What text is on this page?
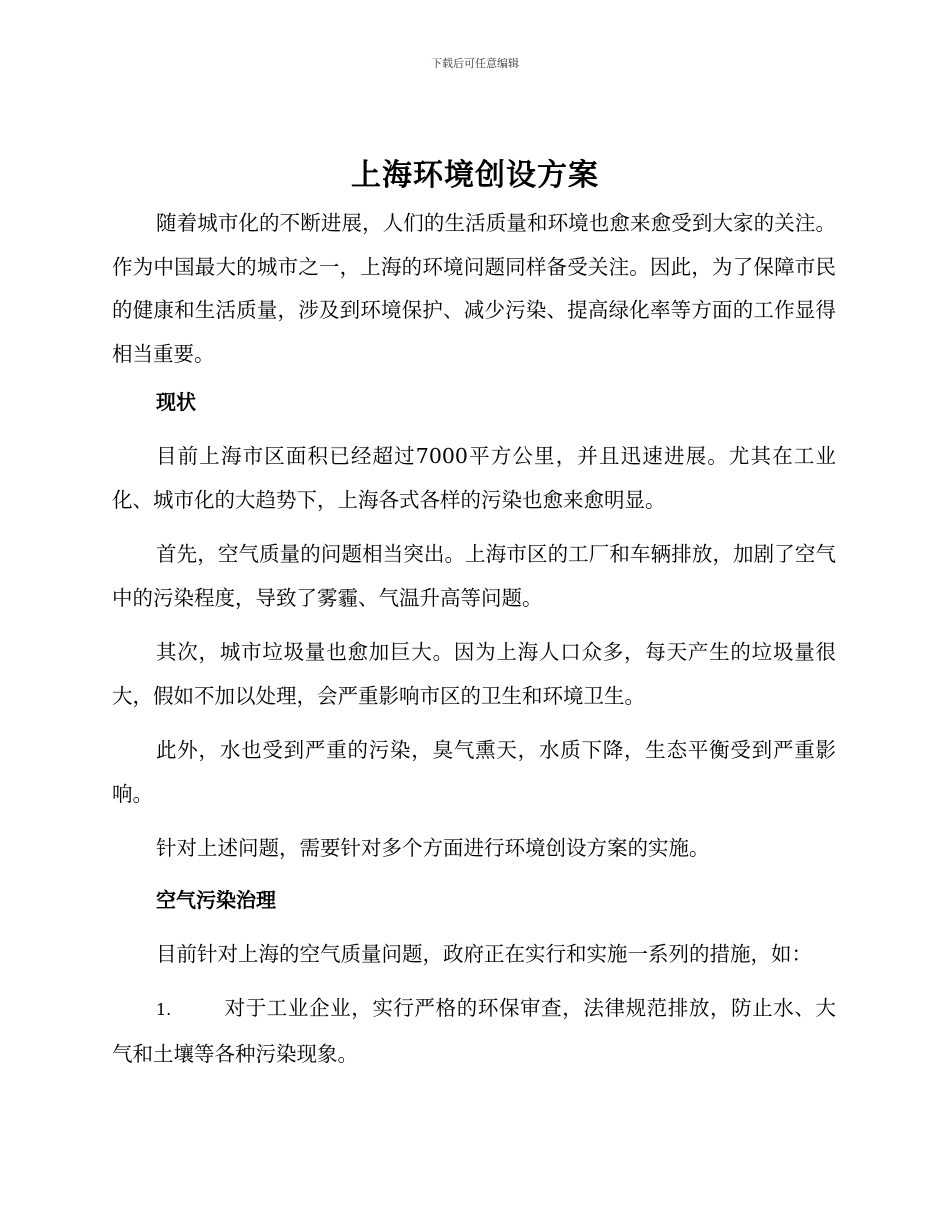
下载后可任意编辑
上海环境创设方案

随着城市化的不断进展，人们的生活质量和环境也愈来愈受到大家的关注。作为中国最大的城市之一，上海的环境问题同样备受关注。因此，为了保障市民的健康和生活质量，涉及到环境保护、减少污染、提高绿化率等方面的工作显得相当重要。

现状

目前上海市区面积已经超过7000平方公里，并且迅速进展。尤其在工业化、城市化的大趋势下，上海各式各样的污染也愈来愈明显。

首先，空气质量的问题相当突出。上海市区的工厂和车辆排放，加剧了空气中的污染程度，导致了雾霾、气温升高等问题。

其次，城市垃圾量也愈加巨大。因为上海人口众多，每天产生的垃圾量很大，假如不加以处理，会严重影响市区的卫生和环境卫生。

此外，水也受到严重的污染，臭气熏天，水质下降，生态平衡受到严重影响。

针对上述问题，需要针对多个方面进行环境创设方案的实施。

空气污染治理

目前针对上海的空气质量问题，政府正在实行和实施一系列的措施，如：

1.	对于工业企业，实行严格的环保审查，法律规范排放，防止水、大气和土壤等各种污染现象。
